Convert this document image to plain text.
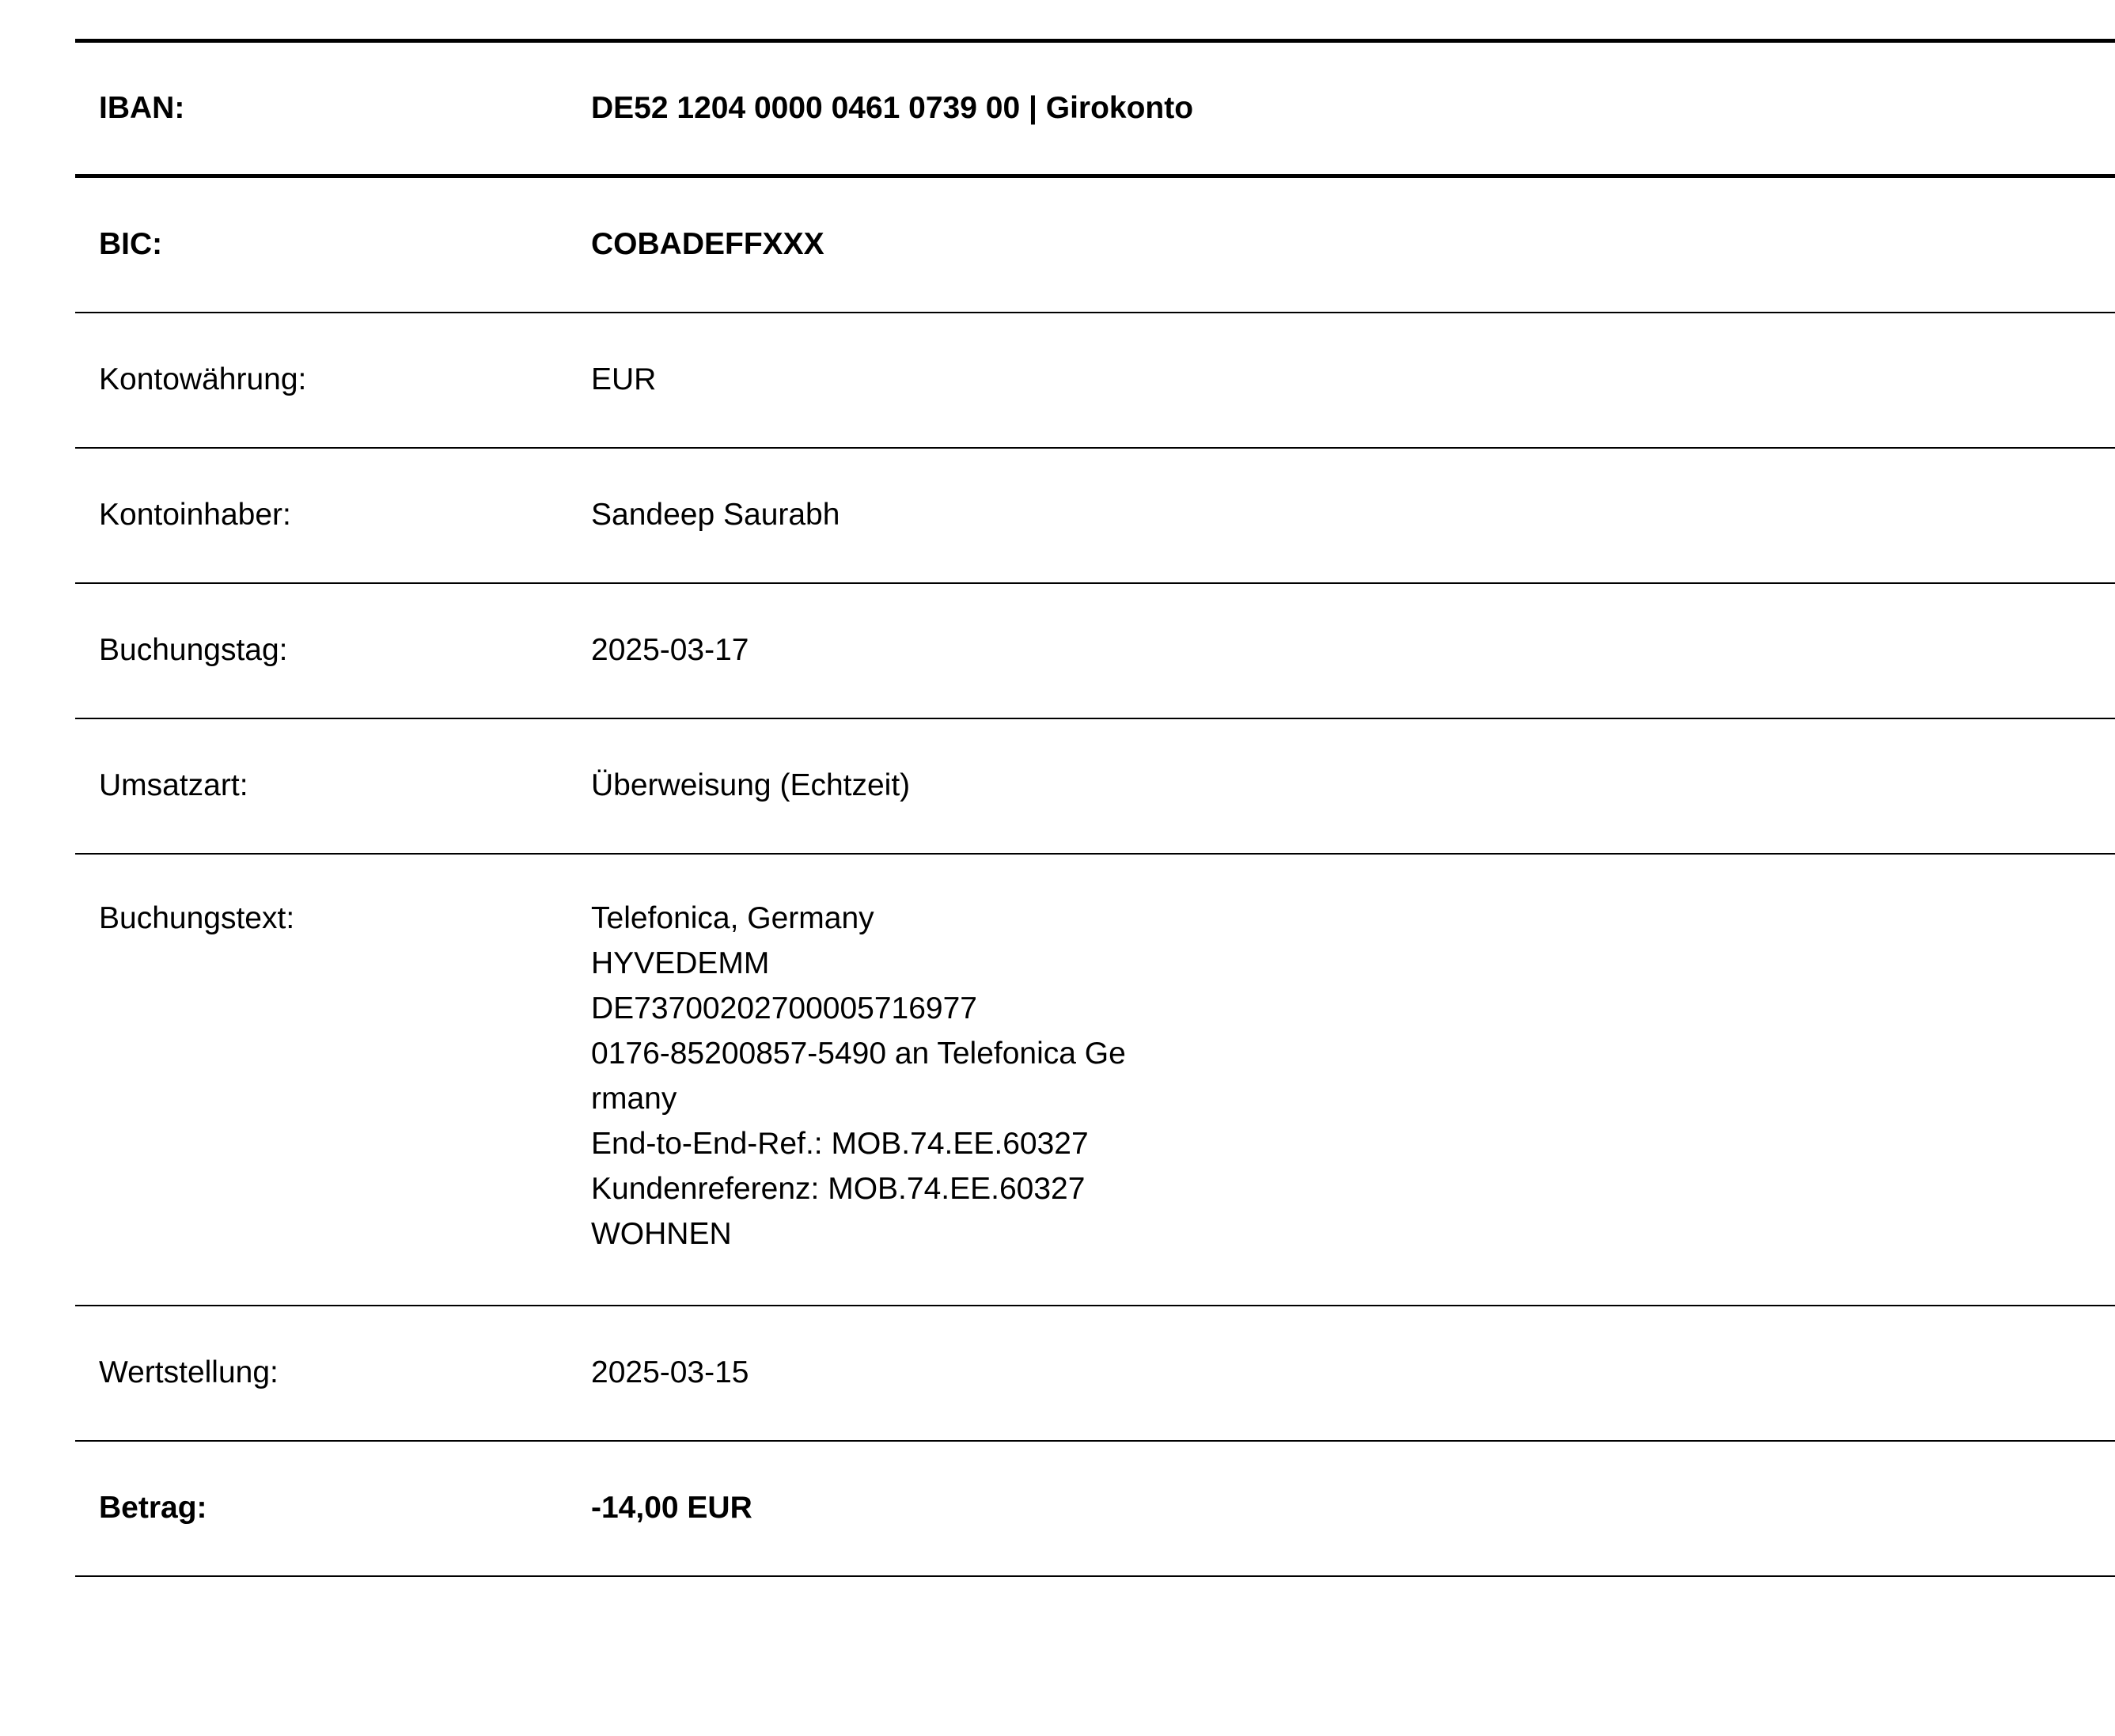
IBAN:	DE52 1204 0000 0461 0739 00 | Girokonto
BIC:	COBADEFFXXX
Kontowährung:	EUR
Kontoinhaber:	Sandeep Saurabh
Buchungstag:	2025-03-17
Umsatzart:	Überweisung (Echtzeit)
Buchungstext:	Telefonica, Germany
HYVEDEMM
DE73700202700005716977
0176-85200857-5490 an Telefonica Ge
rmany
End-to-End-Ref.: MOB.74.EE.60327
Kundenreferenz: MOB.74.EE.60327
WOHNEN
Wertstellung:	2025-03-15
Betrag:	-14,00 EUR
